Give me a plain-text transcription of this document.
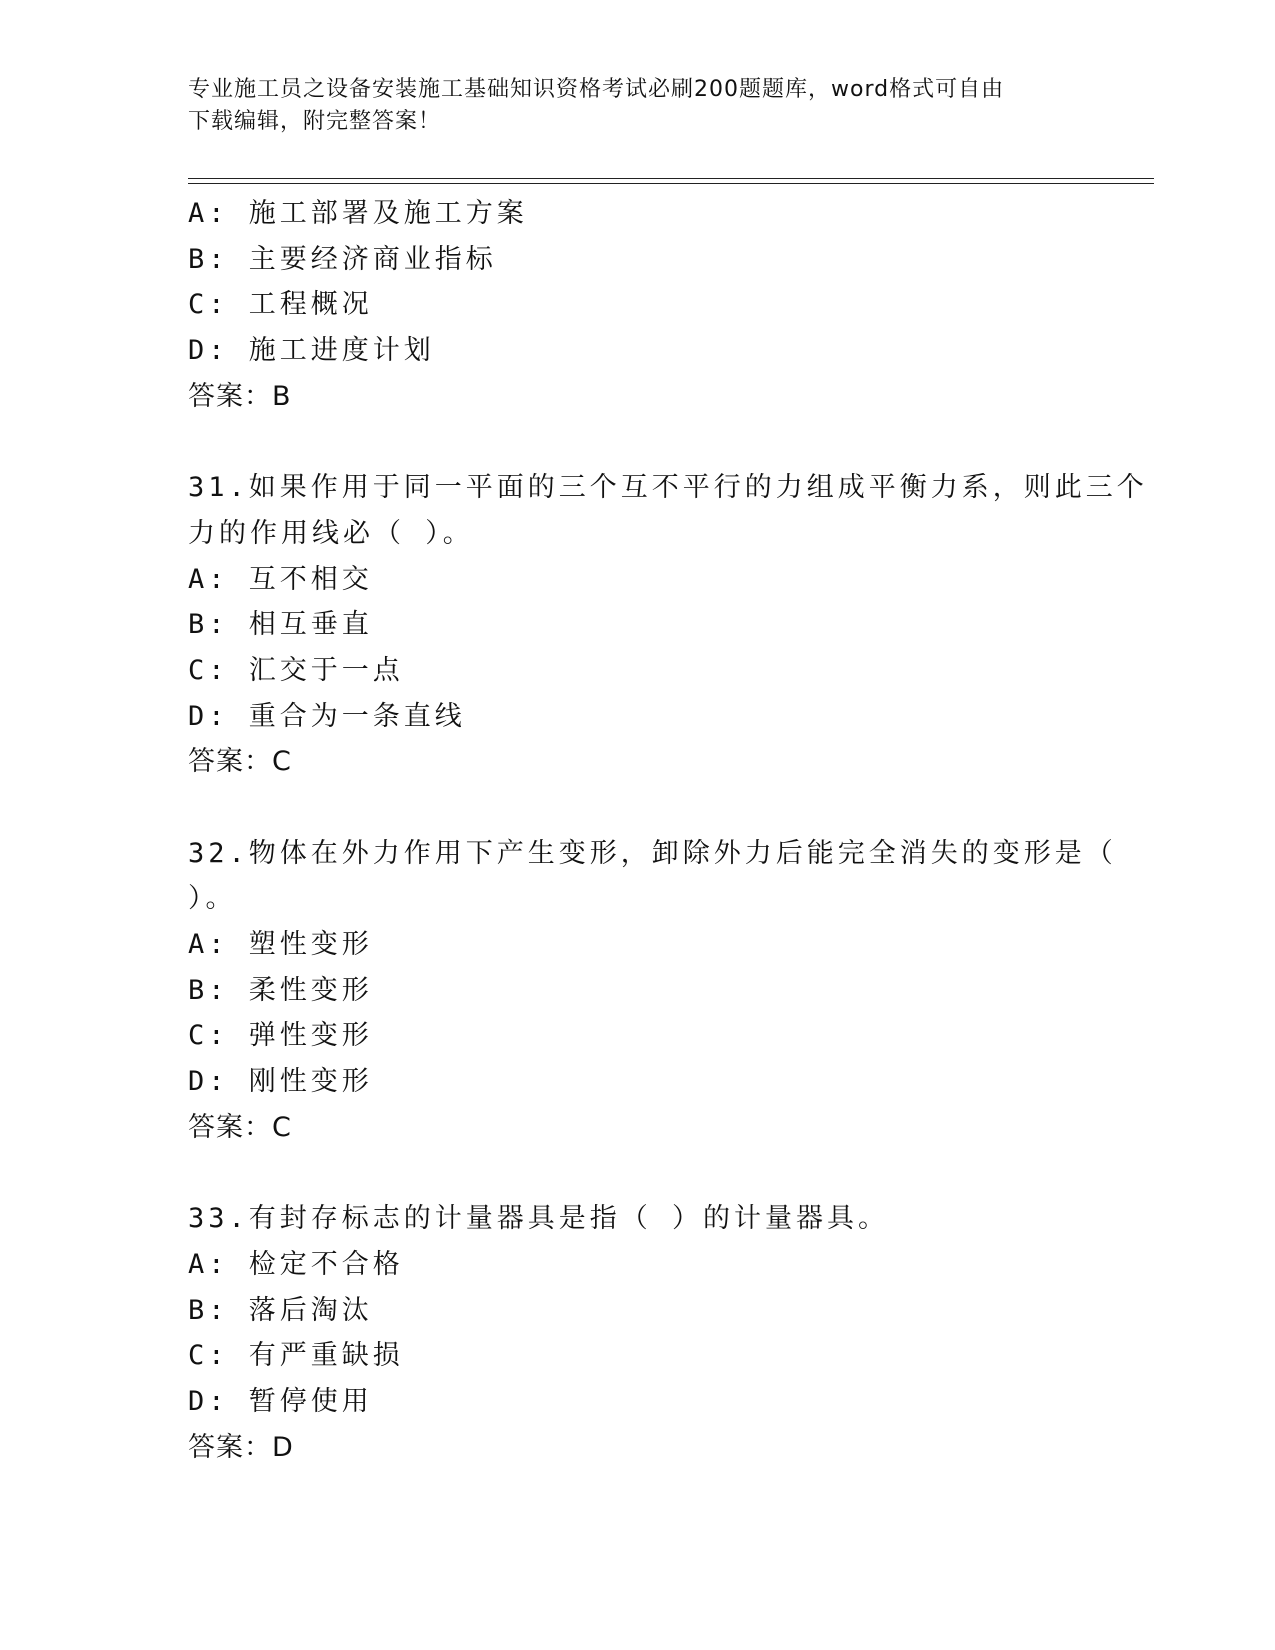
专业施工员之设备安装施工基础知识资格考试必刷200题题库，word格式可自由
下载编辑，附完整答案！
A: 施工部署及施工方案
B: 主要经济商业指标
C: 工程概况
D: 施工进度计划
答案：B
31.如果作用于同一平面的三个互不平行的力组成平衡力系，则此三个
力的作用线必（ ）。
A: 互不相交
B: 相互垂直
C: 汇交于一点
D: 重合为一条直线
答案：C
32.物体在外力作用下产生变形，卸除外力后能完全消失的变形是（
）。
A: 塑性变形
B: 柔性变形
C: 弹性变形
D: 刚性变形
答案：C
33.有封存标志的计量器具是指（ ）的计量器具。
A: 检定不合格
B: 落后淘汰
C: 有严重缺损
D: 暂停使用
答案：D
